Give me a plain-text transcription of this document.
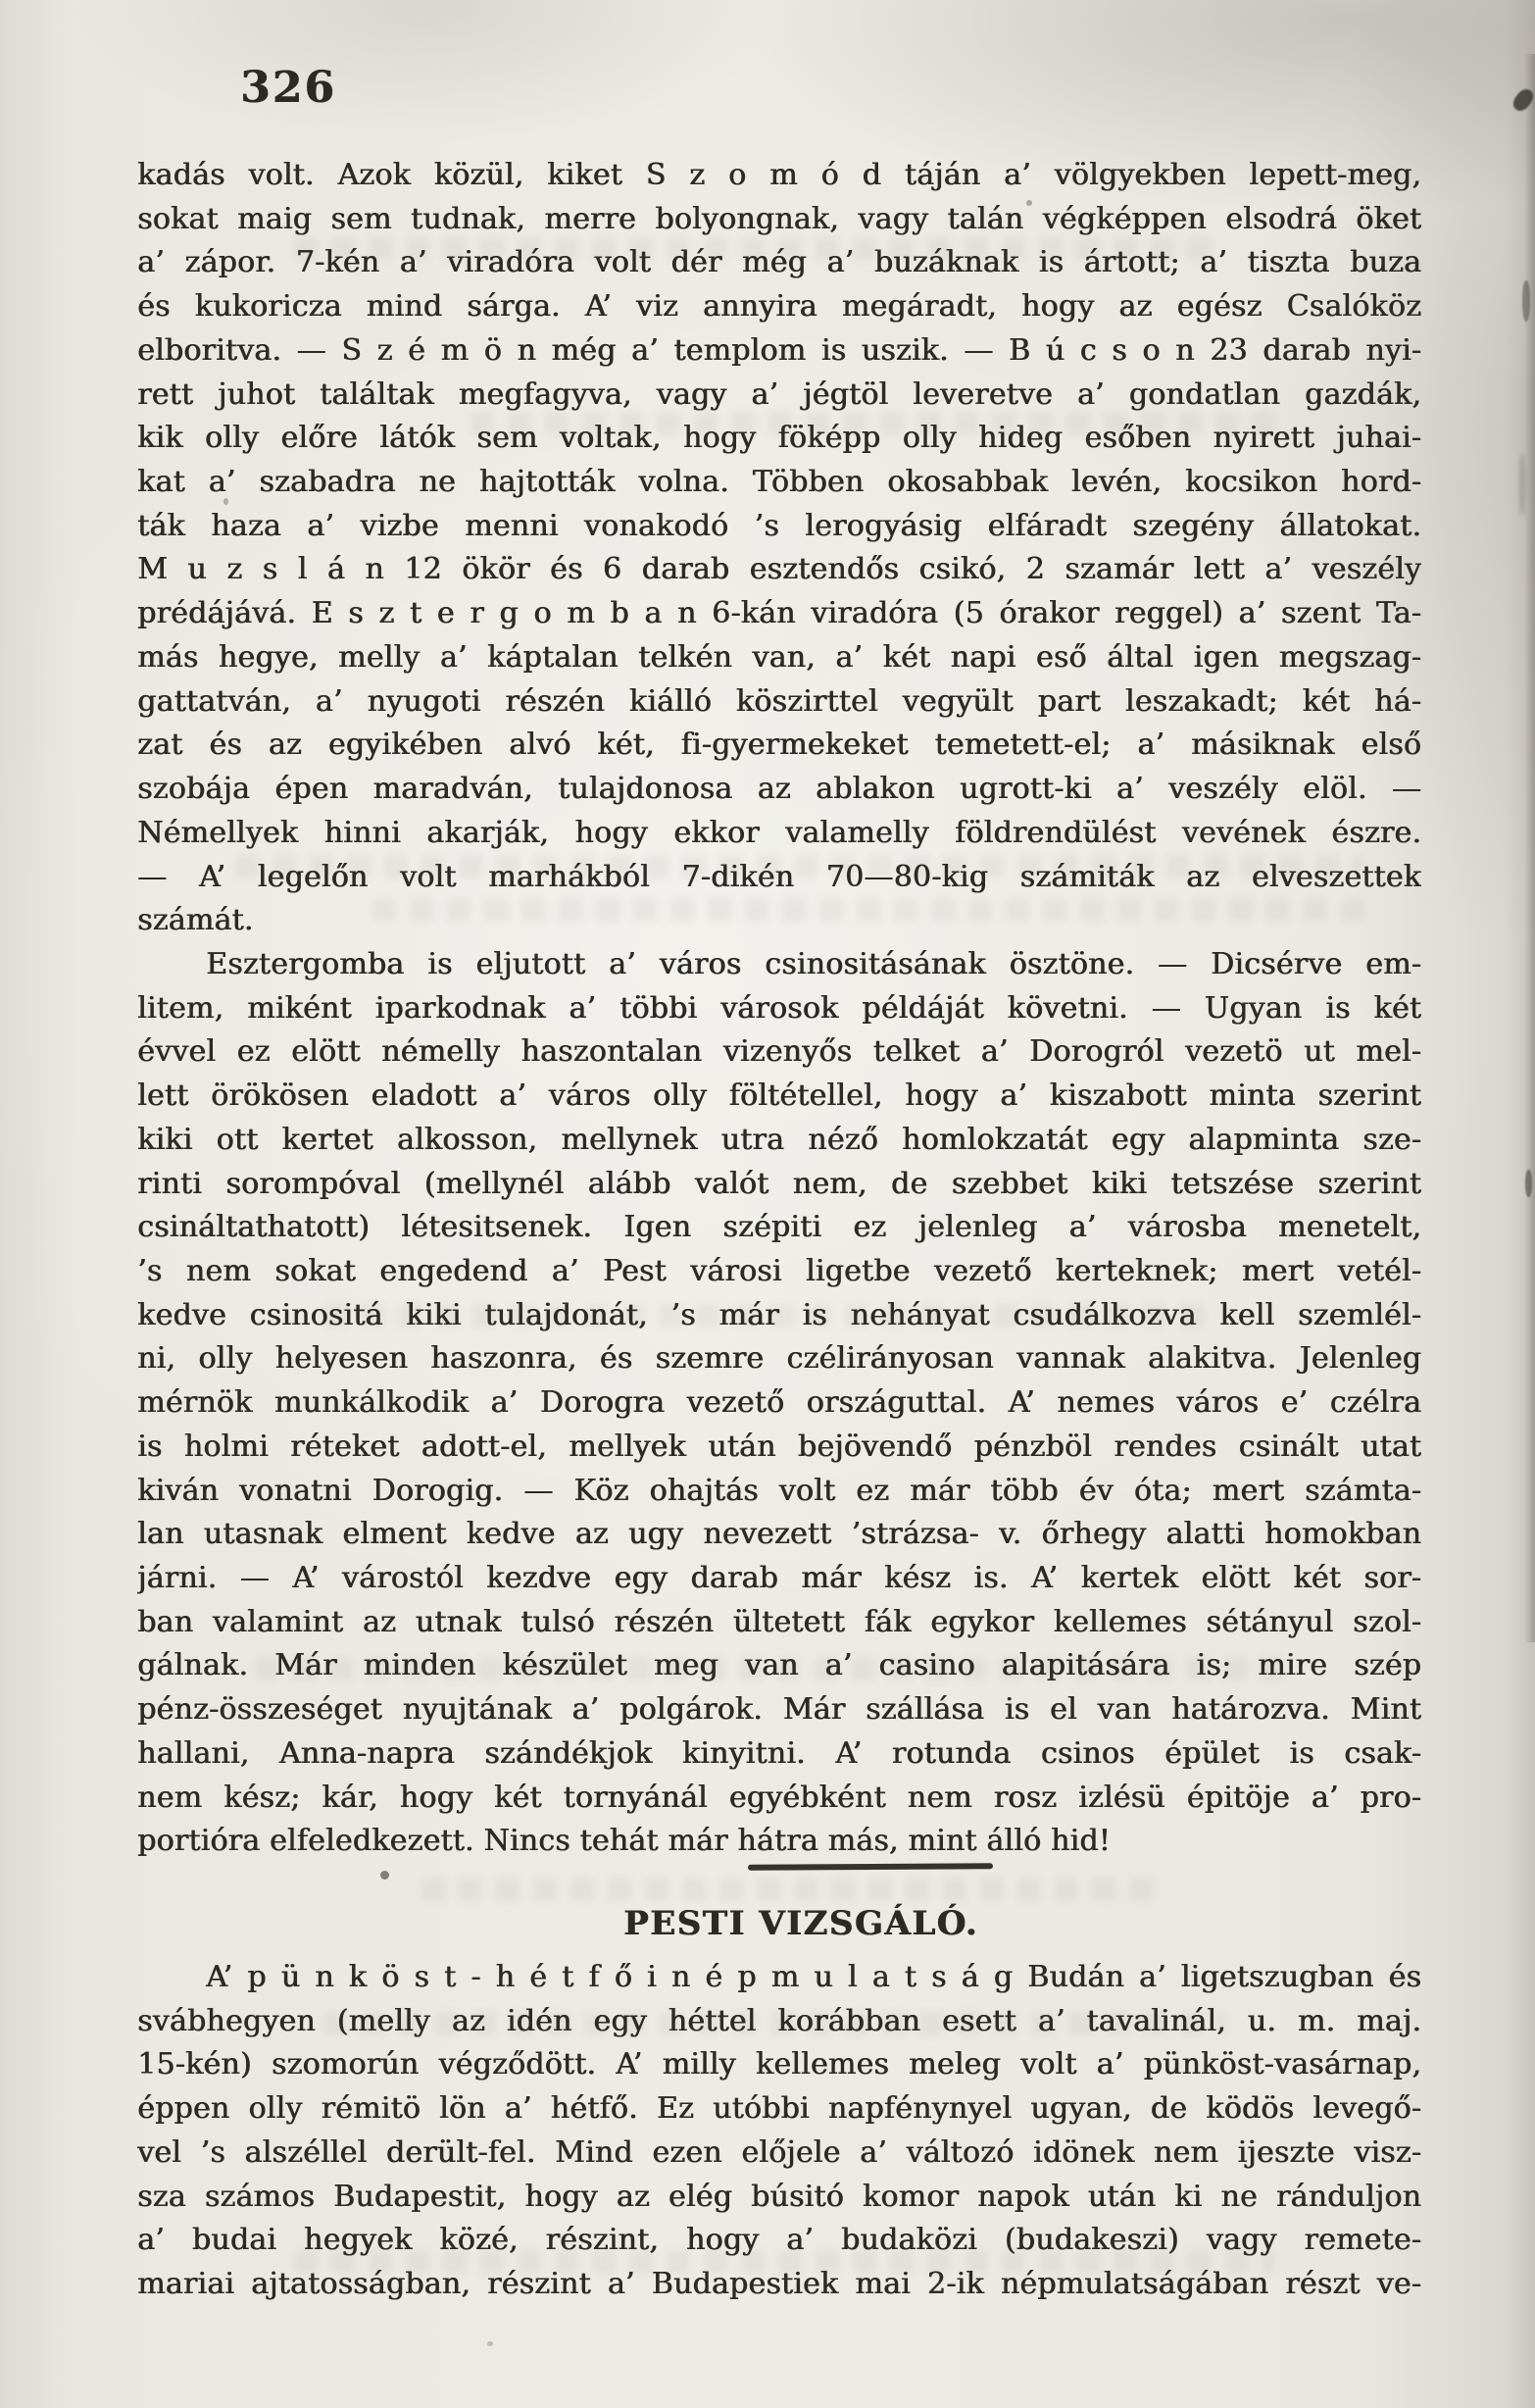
326
kadás volt. Azok közül, kiket S z o m ó d táján a’ völgyekben lepett-meg,
sokat maig sem tudnak, merre bolyongnak, vagy talán végképpen elsodrá öket
a’ zápor. 7-kén a’ viradóra volt dér még a’ buzáknak is ártott; a’ tiszta buza
és kukoricza mind sárga. A’ viz annyira megáradt, hogy az egész Csalóköz
elboritva. — S z é m ö n még a’ templom is uszik. — B ú c s o n 23 darab nyi-
rett juhot találtak megfagyva, vagy a’ jégtöl leveretve a’ gondatlan gazdák,
kik olly előre látók sem voltak, hogy föképp olly hideg esőben nyirett juhai-
kat a’ szabadra ne hajtották volna. Többen okosabbak levén, kocsikon hord-
ták haza a’ vizbe menni vonakodó ’s lerogyásig elfáradt szegény állatokat.
M u z s l á n 12 ökör és 6 darab esztendős csikó, 2 szamár lett a’ veszély
prédájává. E s z t e r g o m b a n 6-kán viradóra (5 órakor reggel) a’ szent Ta-
más hegye, melly a’ káptalan telkén van, a’ két napi eső által igen megszag-
gattatván, a’ nyugoti részén kiálló köszirttel vegyült part leszakadt; két há-
zat és az egyikében alvó két, fi-gyermekeket temetett-el; a’ másiknak első
szobája épen maradván, tulajdonosa az ablakon ugrott-ki a’ veszély elöl. —
Némellyek hinni akarják, hogy ekkor valamelly földrendülést vevének észre.
— A’ legelőn volt marhákból 7-dikén 70—80-kig számiták az elveszettek
számát.
Esztergomba is eljutott a’ város csinositásának ösztöne. — Dicsérve em-
litem, miként iparkodnak a’ többi városok példáját követni. — Ugyan is két
évvel ez elött némelly haszontalan vizenyős telket a’ Dorogról vezetö ut mel-
lett örökösen eladott a’ város olly föltétellel, hogy a’ kiszabott minta szerint
kiki ott kertet alkosson, mellynek utra néző homlokzatát egy alapminta sze-
rinti sorompóval (mellynél alább valót nem, de szebbet kiki tetszése szerint
csináltathatott) létesitsenek. Igen szépiti ez jelenleg a’ városba menetelt,
’s nem sokat engedend a’ Pest városi ligetbe vezető kerteknek; mert vetél-
kedve csinositá kiki tulajdonát, ’s már is nehányat csudálkozva kell szemlél-
ni, olly helyesen haszonra, és szemre czélirányosan vannak alakitva. Jelenleg
mérnök munkálkodik a’ Dorogra vezető országuttal. A’ nemes város e’ czélra
is holmi réteket adott-el, mellyek után bejövendő pénzböl rendes csinált utat
kiván vonatni Dorogig. — Köz ohajtás volt ez már több év óta; mert számta-
lan utasnak elment kedve az ugy nevezett ’strázsa- v. őrhegy alatti homokban
járni. — A’ várostól kezdve egy darab már kész is. A’ kertek elött két sor-
ban valamint az utnak tulsó részén ültetett fák egykor kellemes sétányul szol-
gálnak. Már minden készület meg van a’ casino alapitására is; mire szép
pénz-összeséget nyujtának a’ polgárok. Már szállása is el van határozva. Mint
hallani, Anna-napra szándékjok kinyitni. A’ rotunda csinos épület is csak-
nem kész; kár, hogy két tornyánál egyébként nem rosz izlésü épitöje a’ pro-
portióra elfeledkezett. Nincs tehát már hátra más, mint álló hid!
PESTI VIZSGÁLÓ.
A’ p ü n k ö s t - h é t f ő i n é p m u l a t s á g Budán a’ ligetszugban és
svábhegyen (melly az idén egy héttel korábban esett a’ tavalinál, u. m. maj.
15-kén) szomorún végződött. A’ milly kellemes meleg volt a’ pünköst-vasárnap,
éppen olly rémitö lön a’ hétfő. Ez utóbbi napfénynyel ugyan, de ködös levegő-
vel ’s alszéllel derült-fel. Mind ezen előjele a’ változó idönek nem ijeszte visz-
sza számos Budapestit, hogy az elég búsitó komor napok után ki ne ránduljon
a’ budai hegyek közé, részint, hogy a’ budaközi (budakeszi) vagy remete-
mariai ajtatosságban, részint a’ Budapestiek mai 2-ik népmulatságában részt ve-
